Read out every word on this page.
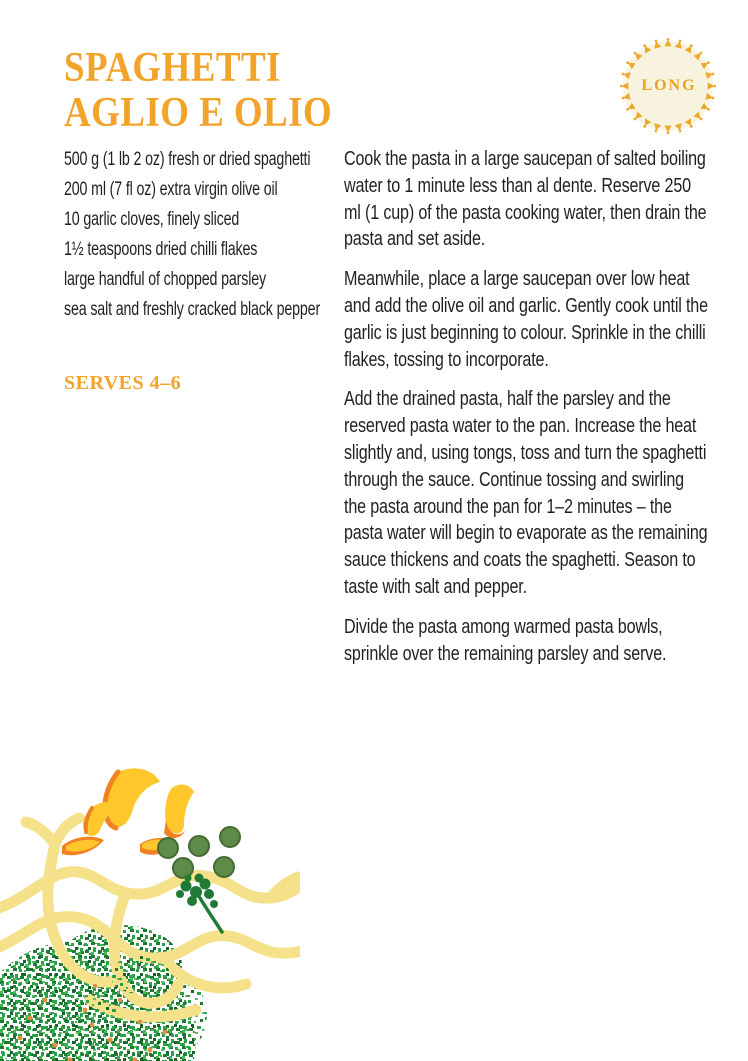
SPAGHETTI
AGLIO E OLIO
LONG
500 g (1 lb 2 oz) fresh or dried spaghetti
200 ml (7 fl oz) extra virgin olive oil
10 garlic cloves, finely sliced
1½ teaspoons dried chilli flakes
large handful of chopped parsley
sea salt and freshly cracked black pepper
SERVES 4–6

Cook the pasta in a large saucepan of salted boiling water to 1 minute less than al dente. Reserve 250 ml (1 cup) of the pasta cooking water, then drain the pasta and set aside.

Meanwhile, place a large saucepan over low heat and add the olive oil and garlic. Gently cook until the garlic is just beginning to colour. Sprinkle in the chilli flakes, tossing to incorporate.

Add the drained pasta, half the parsley and the reserved pasta water to the pan. Increase the heat slightly and, using tongs, toss and turn the spaghetti through the sauce. Continue tossing and swirling the pasta around the pan for 1–2 minutes – the pasta water will begin to evaporate as the remaining sauce thickens and coats the spaghetti. Season to taste with salt and pepper.

Divide the pasta among warmed pasta bowls, sprinkle over the remaining parsley and serve.
